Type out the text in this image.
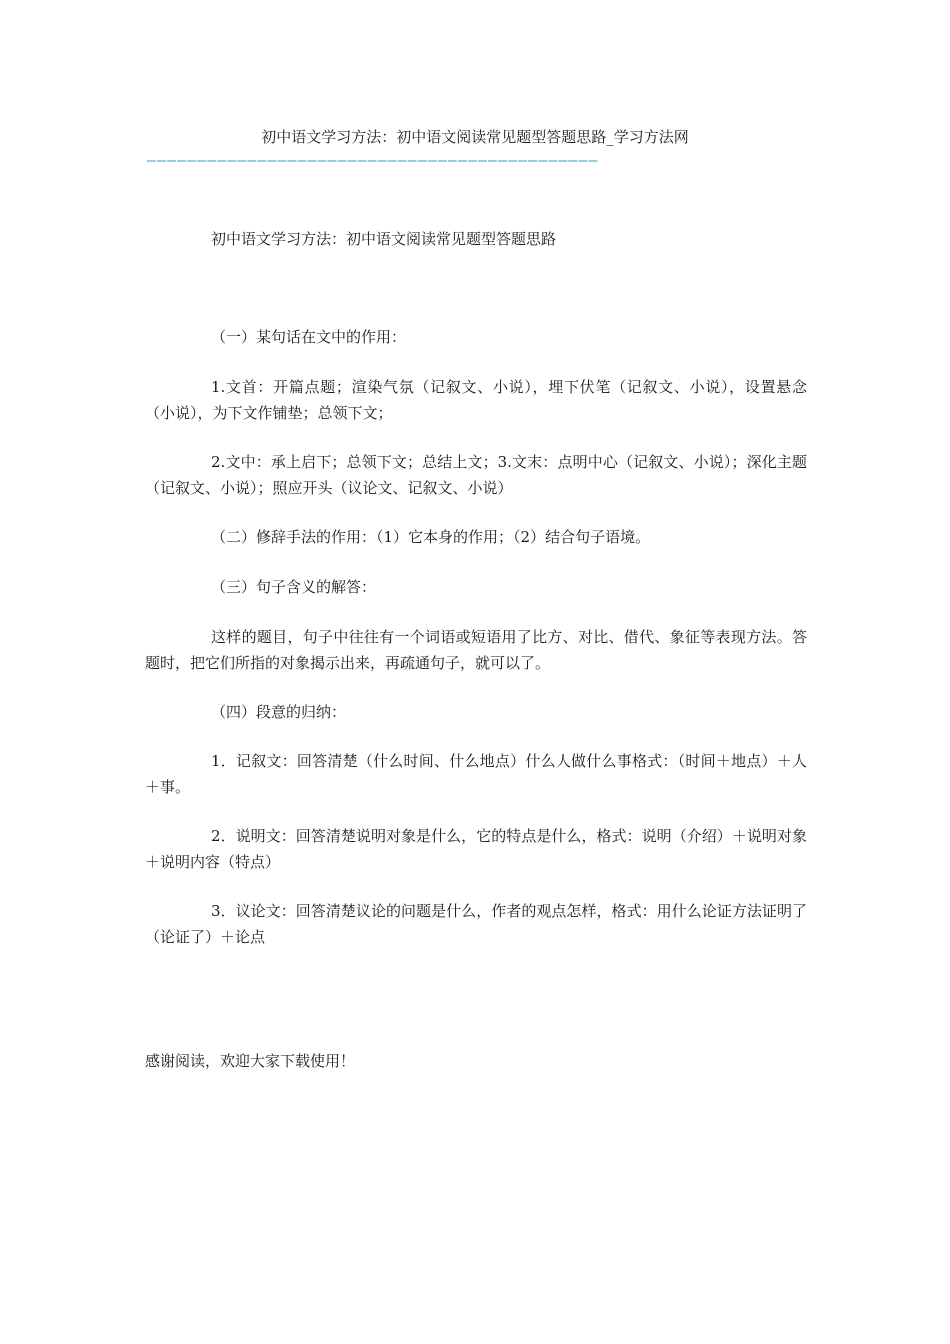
初中语文学习方法：初中语文阅读常见题型答题思路_学习方法网
—————————————————————————————————————————————
初中语文学习方法：初中语文阅读常见题型答题思路
（一）某句话在文中的作用：
1.文首：开篇点题；渲染气氛（记叙文、小说），埋下伏笔（记叙文、小说），设置悬念（小说），为下文作铺垫；总领下文；
2.文中：承上启下；总领下文；总结上文；3.文末：点明中心（记叙文、小说）；深化主题（记叙文、小说）；照应开头（议论文、记叙文、小说）
（二）修辞手法的作用：（1）它本身的作用；（2）结合句子语境。
（三）句子含义的解答：
这样的题目，句子中往往有一个词语或短语用了比方、对比、借代、象征等表现方法。答题时，把它们所指的对象揭示出来，再疏通句子，就可以了。
（四）段意的归纳：
1．记叙文：回答清楚（什么时间、什么地点）什么人做什么事格式：（时间＋地点）＋人＋事。
2．说明文：回答清楚说明对象是什么，它的特点是什么，格式：说明（介绍）＋说明对象＋说明内容（特点）
3．议论文：回答清楚议论的问题是什么，作者的观点怎样，格式：用什么论证方法证明了（论证了）＋论点
感谢阅读，欢迎大家下载使用！
